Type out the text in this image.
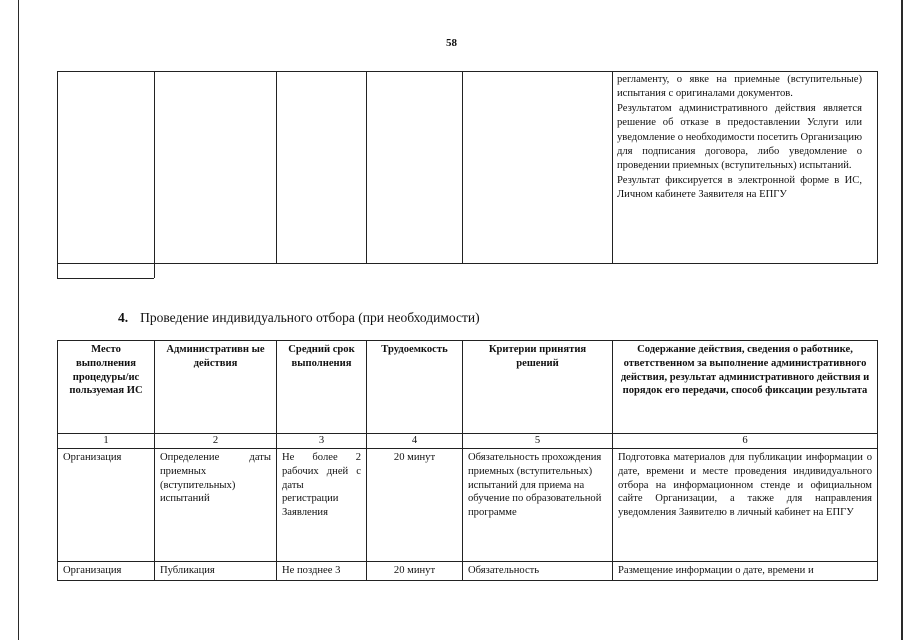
58

регламенту, о явке на приемные (вступительные) испытания с оригиналами документов.

Результатом административного действия является решение об отказе в предоставлении Услуги или уведомление о необходимости посетить Организацию для подписания договора, либо уведомление о проведении приемных (вступительных) испытаний.

Результат фиксируется в электронной форме в ИС, Личном кабинете Заявителя на ЕПГУ

4. Проведение индивидуального отбора (при необходимости)
Место выполнения процедуры/ис пользуемая ИС	Административн ые действия	Средний срок выполнения	Трудоемкость	Критерии принятия решений	Содержание действия, сведения о работнике, ответственном за выполнение административного действия, результат административного действия и порядок его передачи, способ фиксации результата
1	2	3	4	5	6
Организация	Определение даты приемных (вступительных) испытаний	Не более 2 рабочих дней с даты регистрации Заявления	20 минут	Обязательность прохождения приемных (вступительных) испытаний для приема на обучение по образовательной программе	Подготовка материалов для публикации информации о дате, времени и месте проведения индивидуального отбора на информационном стенде и официальном сайте Организации, а также для направления уведомления Заявителю в личный кабинет на ЕПГУ
Организация	Публикация	Не позднее 3	20 минут	Обязательность	Размещение информации о дате, времени и
